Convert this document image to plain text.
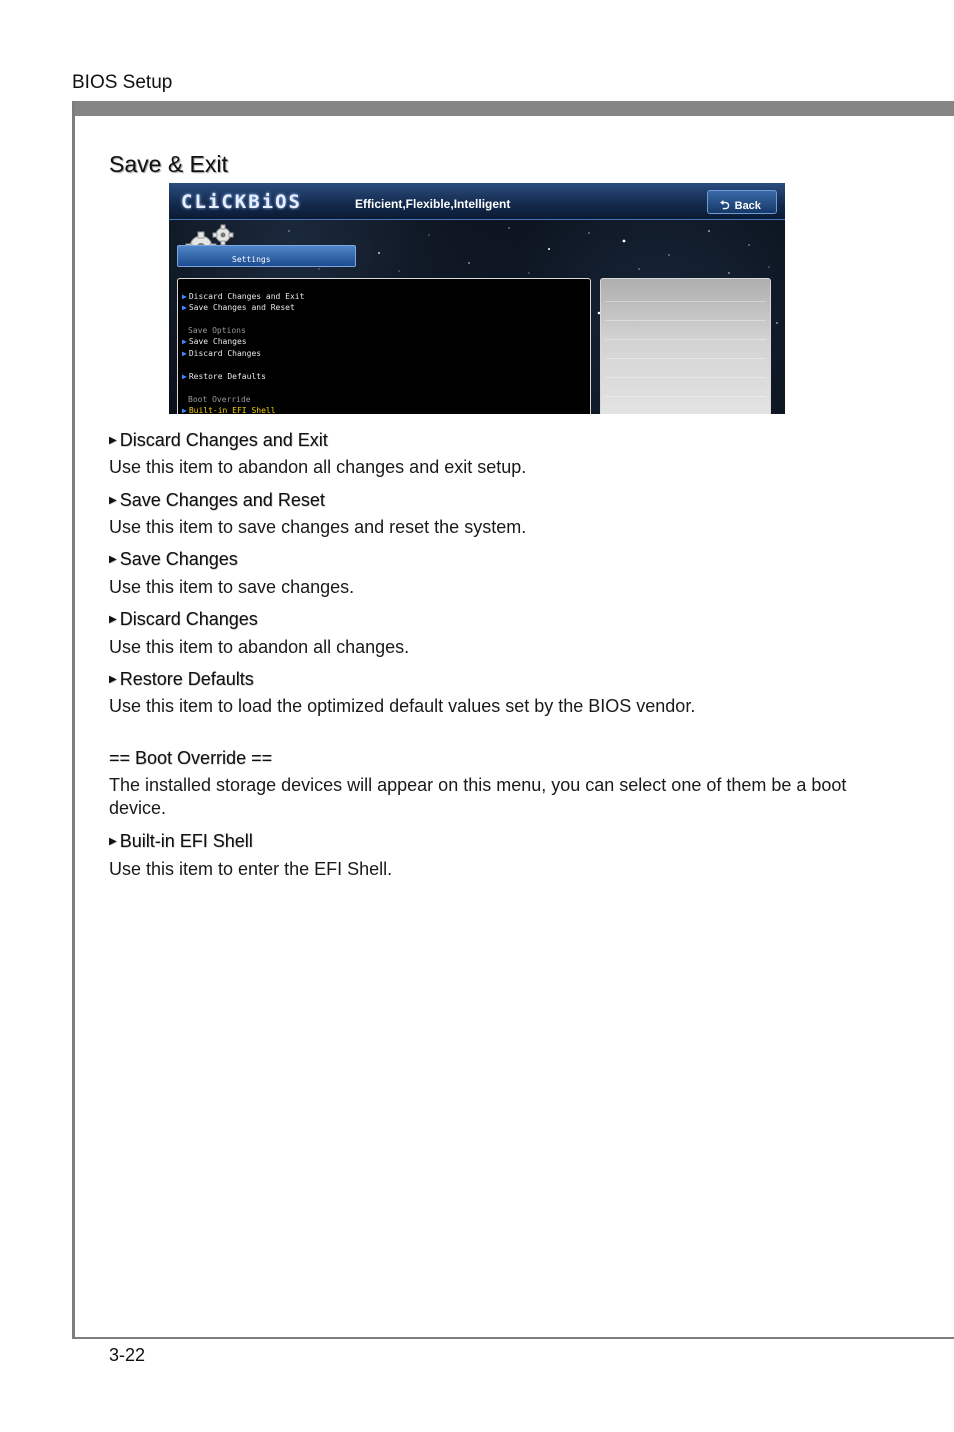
BIOS Setup
Save & Exit
CLiCKBiOS	Efficient,Flexible,Intelligent	⮌ Back
Settings
▶ Discard Changes and Exit
▶ Save Changes and Reset
Save Options
▶ Save Changes
▶ Discard Changes
▶ Restore Defaults
Boot Override
▶ Built-in EFI Shell
▶ Discard Changes and Exit
Use this item to abandon all changes and exit setup.
▶ Save Changes and Reset
Use this item to save changes and reset the system.
▶ Save Changes
Use this item to save changes.
▶ Discard Changes
Use this item to abandon all changes.
▶ Restore Defaults
Use this item to load the optimized default values set by the BIOS vendor.
== Boot Override ==
The installed storage devices will appear on this menu, you can select one of them be a boot device.
▶ Built-in EFI Shell
Use this item to enter the EFI Shell.
3-22
